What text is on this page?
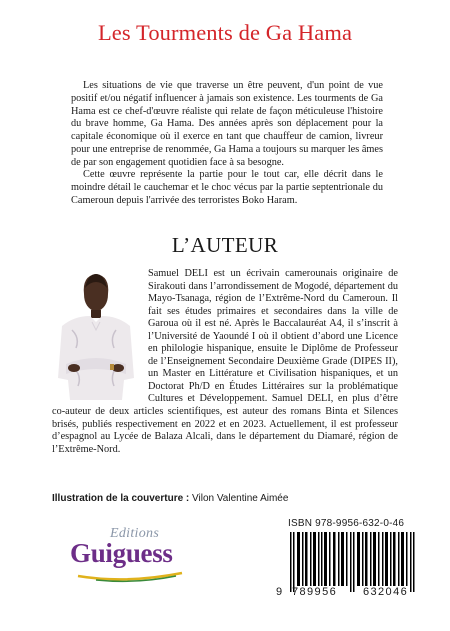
Les Tourments de Ga Hama

Les situations de vie que traverse un être peuvent, d'un point de vue positif et/ou négatif influencer à jamais son existence. Les tourments de Ga Hama est ce chef-d'œuvre réaliste qui relate de façon méticuleuse l'histoire du brave homme, Ga Hama. Des années après son déplacement pour la capitale économique où il exerce en tant que chauffeur de camion, livreur pour une entreprise de renommée, Ga Hama a toujours su marquer les âmes de par son engagement quotidien face à sa besogne.

Cette œuvre représente la partie pour le tout car, elle décrit dans le moindre détail le cauchemar et le choc vécus par la partie septentrionale du Cameroun depuis l'arrivée des terroristes Boko Haram.

L’AUTEUR
Samuel DELI est un écrivain camerounais originaire de Sirakouti dans l’arrondissement de Mogodé, département du Mayo-Tsanaga, région de l’Extrême-Nord du Cameroun. Il fait ses études primaires et secondaires dans la ville de Garoua où il est né. Après le Baccalauréat A4, il s’inscrit à l’Université de Yaoundé I où il obtient d’abord une Licence en philologie hispanique, ensuite le Diplôme de Professeur de l’Enseignement Secondaire Deuxième Grade (DIPES II), un Master en Littérature et Civilisation hispaniques, et un Doctorat Ph/D en Études Littéraires sur la problématique Cultures et Développement. Samuel DELI, en plus d’être co-auteur de deux articles scientifiques, est auteur des romans Binta et Silences brisés, publiés respectivement en 2022 et en 2023. Actuellement, il est professeur d’espagnol au Lycée de Balaza Alcali, dans le département du Diamaré, région de l’Extrême-Nord.
Illustration de la couverture : Vilon Valentine Aimée
Editions
Guiguess
ISBN 978-9956-632-0-46
9 789956 632046
